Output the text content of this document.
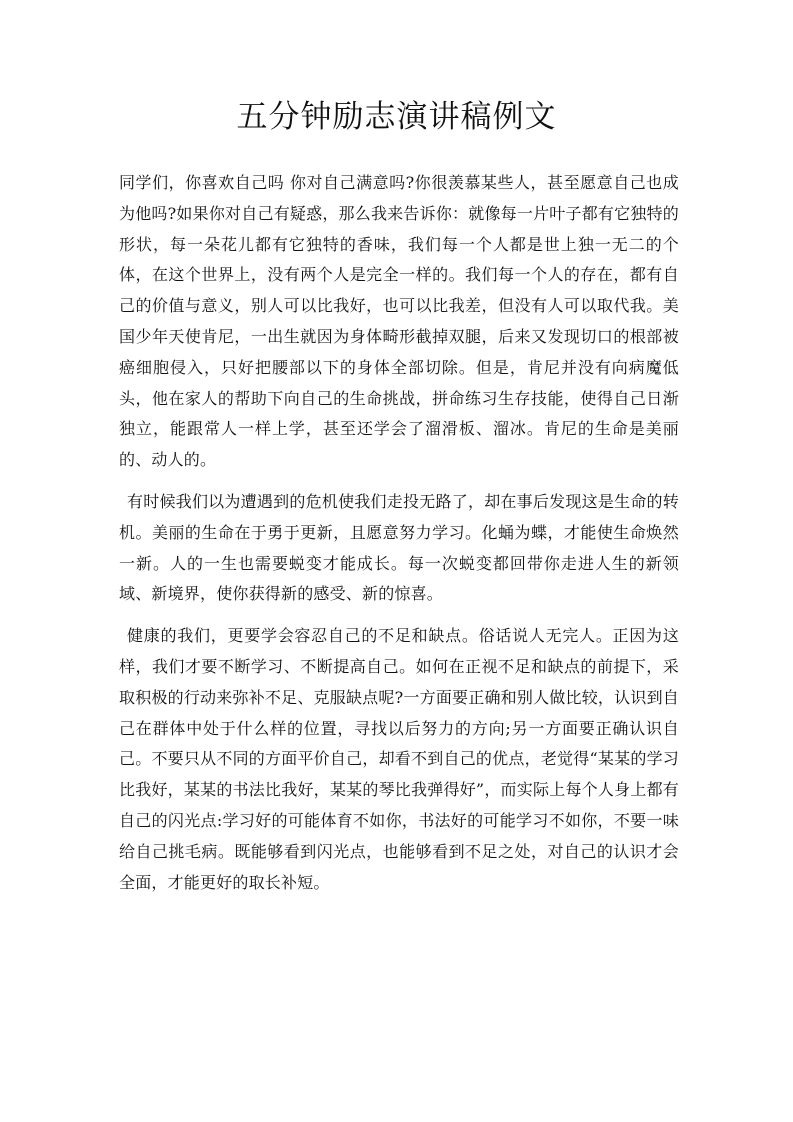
五分钟励志演讲稿例文

同学们，你喜欢自己吗 你对自己满意吗?你很羡慕某些人，甚至愿意自己也成为他吗?如果你对自己有疑惑，那么我来告诉你：就像每一片叶子都有它独特的形状，每一朵花儿都有它独特的香味，我们每一个人都是世上独一无二的个体，在这个世界上，没有两个人是完全一样的。我们每一个人的存在，都有自己的价值与意义，别人可以比我好，也可以比我差，但没有人可以取代我。美国少年天使肯尼，一出生就因为身体畸形截掉双腿，后来又发现切口的根部被癌细胞侵入，只好把腰部以下的身体全部切除。但是，肯尼并没有向病魔低头，他在家人的帮助下向自己的生命挑战，拼命练习生存技能，使得自己日渐独立，能跟常人一样上学，甚至还学会了溜滑板、溜冰。肯尼的生命是美丽的、动人的。

有时候我们以为遭遇到的危机使我们走投无路了，却在事后发现这是生命的转机。美丽的生命在于勇于更新，且愿意努力学习。化蛹为蝶，才能使生命焕然一新。人的一生也需要蜕变才能成长。每一次蜕变都回带你走进人生的新领域、新境界，使你获得新的感受、新的惊喜。

健康的我们，更要学会容忍自己的不足和缺点。俗话说人无完人。正因为这样，我们才要不断学习、不断提高自己。如何在正视不足和缺点的前提下，采取积极的行动来弥补不足、克服缺点呢?一方面要正确和别人做比较，认识到自己在群体中处于什么样的位置，寻找以后努力的方向;另一方面要正确认识自己。不要只从不同的方面平价自己，却看不到自己的优点，老觉得“某某的学习比我好，某某的书法比我好，某某的琴比我弹得好”，而实际上每个人身上都有自己的闪光点:学习好的可能体育不如你，书法好的可能学习不如你，不要一味给自己挑毛病。既能够看到闪光点，也能够看到不足之处，对自己的认识才会全面，才能更好的取长补短。
